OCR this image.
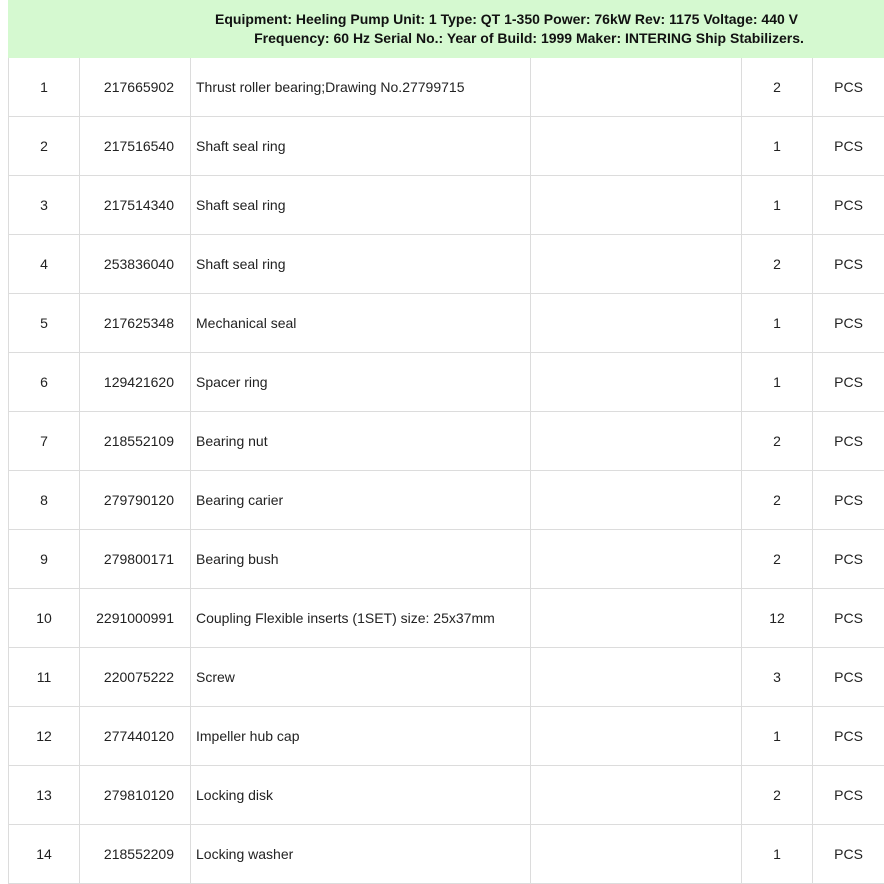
Equipment: Heeling Pump Unit: 1 Type: QT 1-350 Power: 76kW Rev: 1175 Voltage: 440 V
Frequency: 60 Hz Serial No.: Year of Build: 1999 Maker: INTERING Ship Stabilizers.					

1	217665902	Thrust roller bearing;Drawing No.27799715		2	PCS
2	217516540	Shaft seal ring		1	PCS
3	217514340	Shaft seal ring		1	PCS
4	253836040	Shaft seal ring		2	PCS
5	217625348	Mechanical seal		1	PCS
6	129421620	Spacer ring		1	PCS
7	218552109	Bearing nut		2	PCS
8	279790120	Bearing carier		2	PCS
9	279800171	Bearing bush		2	PCS
10	2291000991	Coupling Flexible inserts (1SET) size: 25x37mm		12	PCS
11	220075222	Screw		3	PCS
12	277440120	Impeller hub cap		1	PCS
13	279810120	Locking disk		2	PCS
14	218552209	Locking washer		1	PCS
